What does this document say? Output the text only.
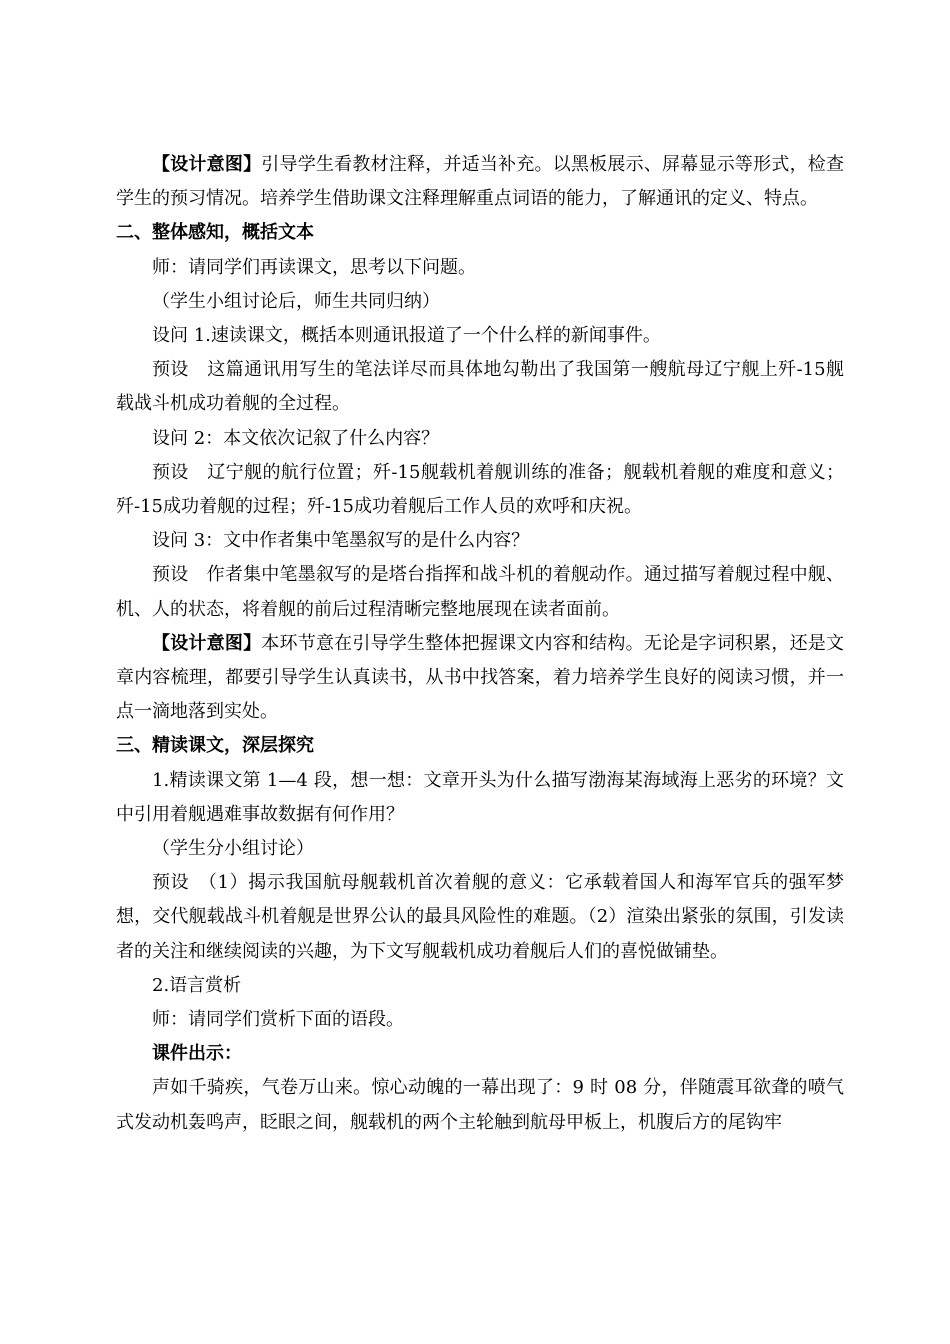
【设计意图】引导学生看教材注释，并适当补充。以黑板展示、屏幕显示等形式，检查学生的预习情况。培养学生借助课文注释理解重点词语的能力，了解通讯的定义、特点。

二、整体感知，概括文本

师：请同学们再读课文，思考以下问题。

（学生小组讨论后，师生共同归纳）

设问 1.速读课文，概括本则通讯报道了一个什么样的新闻事件。

预设　这篇通讯用写生的笔法详尽而具体地勾勒出了我国第一艘航母辽宁舰上歼-15舰载战斗机成功着舰的全过程。

设问 2：本文依次记叙了什么内容？

预设　辽宁舰的航行位置；歼-15舰载机着舰训练的准备；舰载机着舰的难度和意义；歼-15成功着舰的过程；歼-15成功着舰后工作人员的欢呼和庆祝。

设问 3：文中作者集中笔墨叙写的是什么内容？

预设　作者集中笔墨叙写的是塔台指挥和战斗机的着舰动作。通过描写着舰过程中舰、机、人的状态，将着舰的前后过程清晰完整地展现在读者面前。

【设计意图】本环节意在引导学生整体把握课文内容和结构。无论是字词积累，还是文章内容梳理，都要引导学生认真读书，从书中找答案，着力培养学生良好的阅读习惯，并一点一滴地落到实处。

三、精读课文，深层探究

1.精读课文第 1—4 段，想一想：文章开头为什么描写渤海某海域海上恶劣的环境？文中引用着舰遇难事故数据有何作用？

（学生分小组讨论）

预设　（1）揭示我国航母舰载机首次着舰的意义：它承载着国人和海军官兵的强军梦想，交代舰载战斗机着舰是世界公认的最具风险性的难题。（2）渲染出紧张的氛围，引发读者的关注和继续阅读的兴趣，为下文写舰载机成功着舰后人们的喜悦做铺垫。

2.语言赏析

师：请同学们赏析下面的语段。

课件出示：

声如千骑疾，气卷万山来。惊心动魄的一幕出现了：9 时 08 分，伴随震耳欲聋的喷气式发动机轰鸣声，眨眼之间，舰载机的两个主轮触到航母甲板上，机腹后方的尾钩牢
